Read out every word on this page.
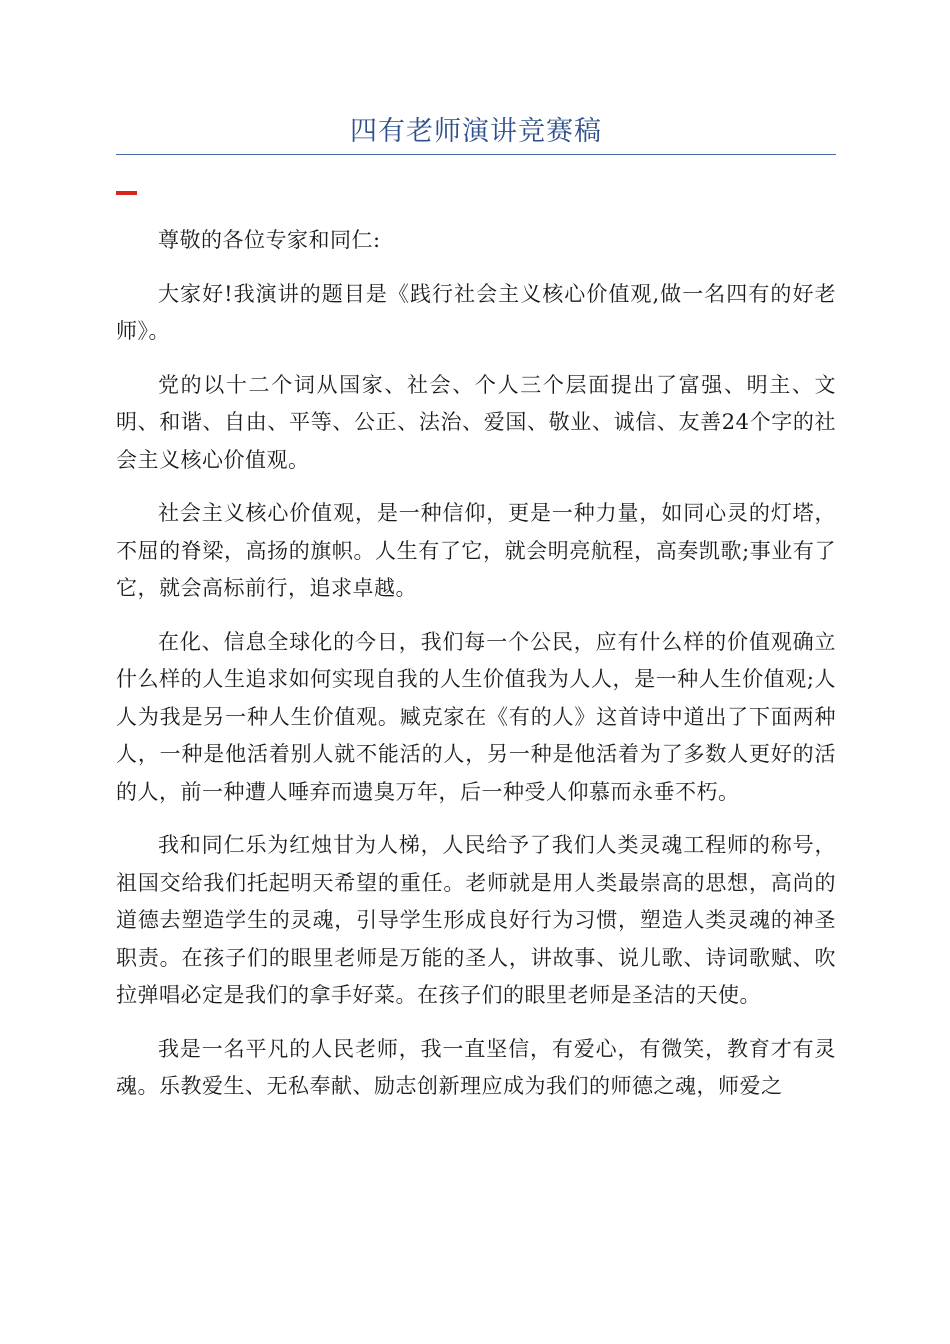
四有老师演讲竞赛稿

尊敬的各位专家和同仁:

大家好!我演讲的题目是《践行社会主义核心价值观,做一名四有的好老师》。

党的以十二个词从国家、社会、个人三个层面提出了富强、明主、文明、和谐、自由、平等、公正、法治、爱国、敬业、诚信、友善24个字的社会主义核心价值观。

社会主义核心价值观，是一种信仰，更是一种力量，如同心灵的灯塔，不屈的脊梁，高扬的旗帜。人生有了它，就会明亮航程，高奏凯歌;事业有了它，就会高标前行，追求卓越。

在化、信息全球化的今日，我们每一个公民，应有什么样的价值观确立什么样的人生追求如何实现自我的人生价值我为人人，是一种人生价值观;人人为我是另一种人生价值观。臧克家在《有的人》这首诗中道出了下面两种人，一种是他活着别人就不能活的人，另一种是他活着为了多数人更好的活的人，前一种遭人唾弃而遗臭万年，后一种受人仰慕而永垂不朽。

我和同仁乐为红烛甘为人梯，人民给予了我们人类灵魂工程师的称号，祖国交给我们托起明天希望的重任。老师就是用人类最崇高的思想，高尚的道德去塑造学生的灵魂，引导学生形成良好行为习惯，塑造人类灵魂的神圣职责。在孩子们的眼里老师是万能的圣人，讲故事、说儿歌、诗词歌赋、吹拉弹唱必定是我们的拿手好菜。在孩子们的眼里老师是圣洁的天使。

我是一名平凡的人民老师，我一直坚信，有爱心，有微笑，教育才有灵魂。乐教爱生、无私奉献、励志创新理应成为我们的师德之魂，师爱之
